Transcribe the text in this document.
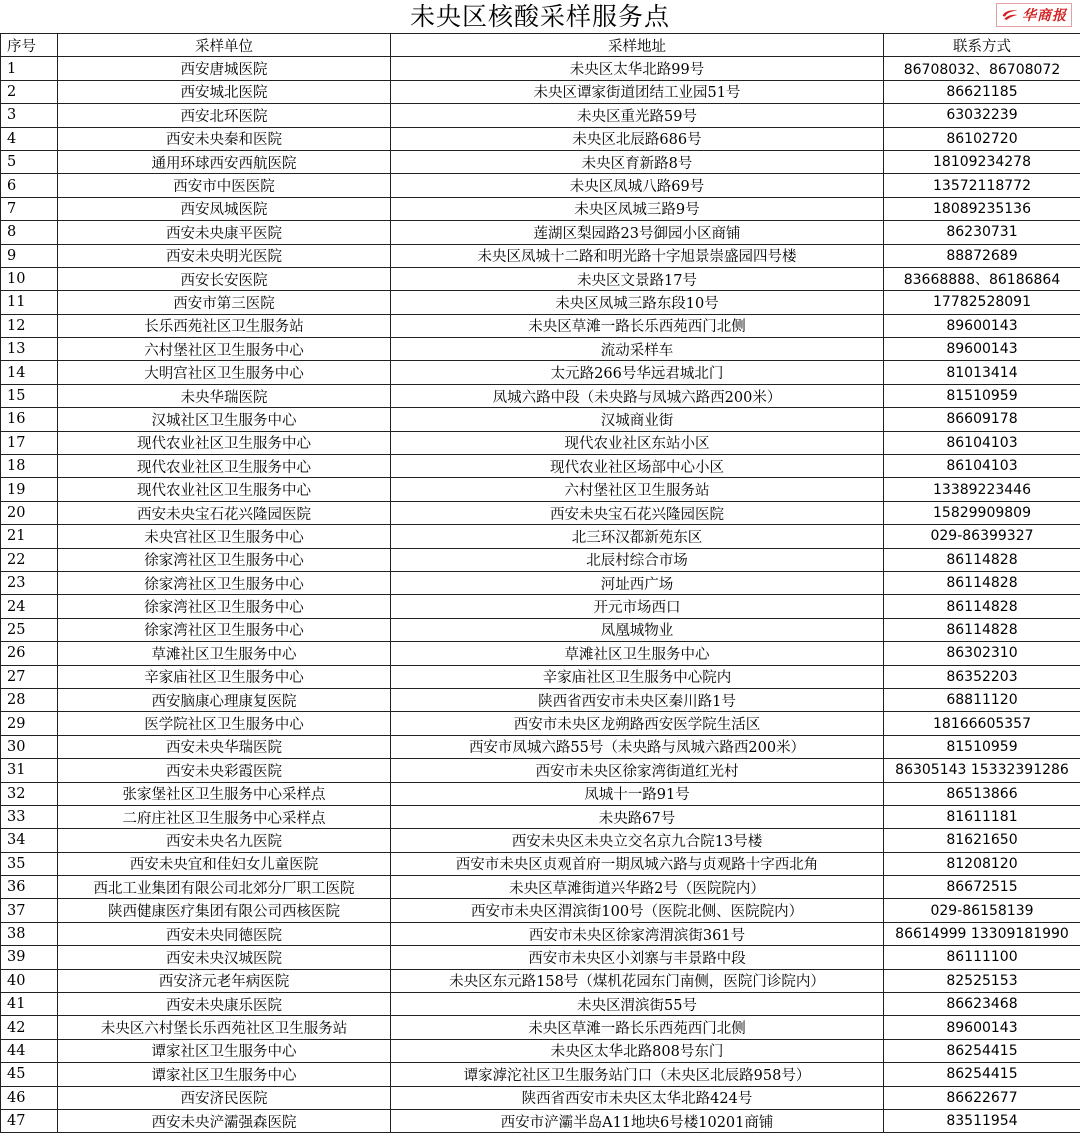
未央区核酸采样服务点	华商报
序号	采样单位	采样地址	联系方式
1	西安唐城医院	未央区太华北路99号	86708032、86708072
2	西安城北医院	未央区谭家街道团结工业园51号	86621185
3	西安北环医院	未央区重光路59号	63032239
4	西安未央秦和医院	未央区北辰路686号	86102720
5	通用环球西安西航医院	未央区育新路8号	18109234278
6	西安市中医医院	未央区凤城八路69号	13572118772
7	西安凤城医院	未央区凤城三路9号	18089235136
8	西安未央康平医院	莲湖区梨园路23号御园小区商铺	86230731
9	西安未央明光医院	未央区凤城十二路和明光路十字旭景崇盛园四号楼	88872689
10	西安长安医院	未央区文景路17号	83668888、86186864
11	西安市第三医院	未央区凤城三路东段10号	17782528091
12	长乐西苑社区卫生服务站	未央区草滩一路长乐西苑西门北侧	89600143
13	六村堡社区卫生服务中心	流动采样车	89600143
14	大明宫社区卫生服务中心	太元路266号华远君城北门	81013414
15	未央华瑞医院	凤城六路中段（未央路与凤城六路西200米）	81510959
16	汉城社区卫生服务中心	汉城商业街	86609178
17	现代农业社区卫生服务中心	现代农业社区东站小区	86104103
18	现代农业社区卫生服务中心	现代农业社区场部中心小区	86104103
19	现代农业社区卫生服务中心	六村堡社区卫生服务站	13389223446
20	西安未央宝石花兴隆园医院	西安未央宝石花兴隆园医院	15829909809
21	未央宫社区卫生服务中心	北三环汉都新苑东区	029-86399327
22	徐家湾社区卫生服务中心	北辰村综合市场	86114828
23	徐家湾社区卫生服务中心	河址西广场	86114828
24	徐家湾社区卫生服务中心	开元市场西口	86114828
25	徐家湾社区卫生服务中心	凤凰城物业	86114828
26	草滩社区卫生服务中心	草滩社区卫生服务中心	86302310
27	辛家庙社区卫生服务中心	辛家庙社区卫生服务中心院内	86352203
28	西安脑康心理康复医院	陕西省西安市未央区秦川路1号	68811120
29	医学院社区卫生服务中心	西安市未央区龙朔路西安医学院生活区	18166605357
30	西安未央华瑞医院	西安市凤城六路55号（未央路与凤城六路西200米）	81510959
31	西安未央彩霞医院	西安市未央区徐家湾街道红光村	86305143 15332391286
32	张家堡社区卫生服务中心采样点	凤城十一路91号	86513866
33	二府庄社区卫生服务中心采样点	未央路67号	81611181
34	西安未央名九医院	西安未央区未央立交名京九合院13号楼	81621650
35	西安未央宜和佳妇女儿童医院	西安市未央区贞观首府一期凤城六路与贞观路十字西北角	81208120
36	西北工业集团有限公司北郊分厂职工医院	未央区草滩街道兴华路2号（医院院内）	86672515
37	陕西健康医疗集团有限公司西核医院	西安市未央区渭滨街100号（医院北侧、医院院内）	029-86158139
38	西安未央同德医院	西安市未央区徐家湾渭滨街361号	86614999 13309181990
39	西安未央汉城医院	西安市未央区小刘寨与丰景路中段	86111100
40	西安济元老年病医院	未央区东元路158号（煤机花园东门南侧，医院门诊院内）	82525153
41	西安未央康乐医院	未央区渭滨街55号	86623468
42	未央区六村堡长乐西苑社区卫生服务站	未央区草滩一路长乐西苑西门北侧	89600143
44	谭家社区卫生服务中心	未央区太华北路808号东门	86254415
45	谭家社区卫生服务中心	谭家滹沱社区卫生服务站门口（未央区北辰路958号）	86254415
46	西安济民医院	陕西省西安市未央区太华北路424号	86622677
47	西安未央浐灞强森医院	西安市浐灞半岛A11地块6号楼10201商铺	83511954
